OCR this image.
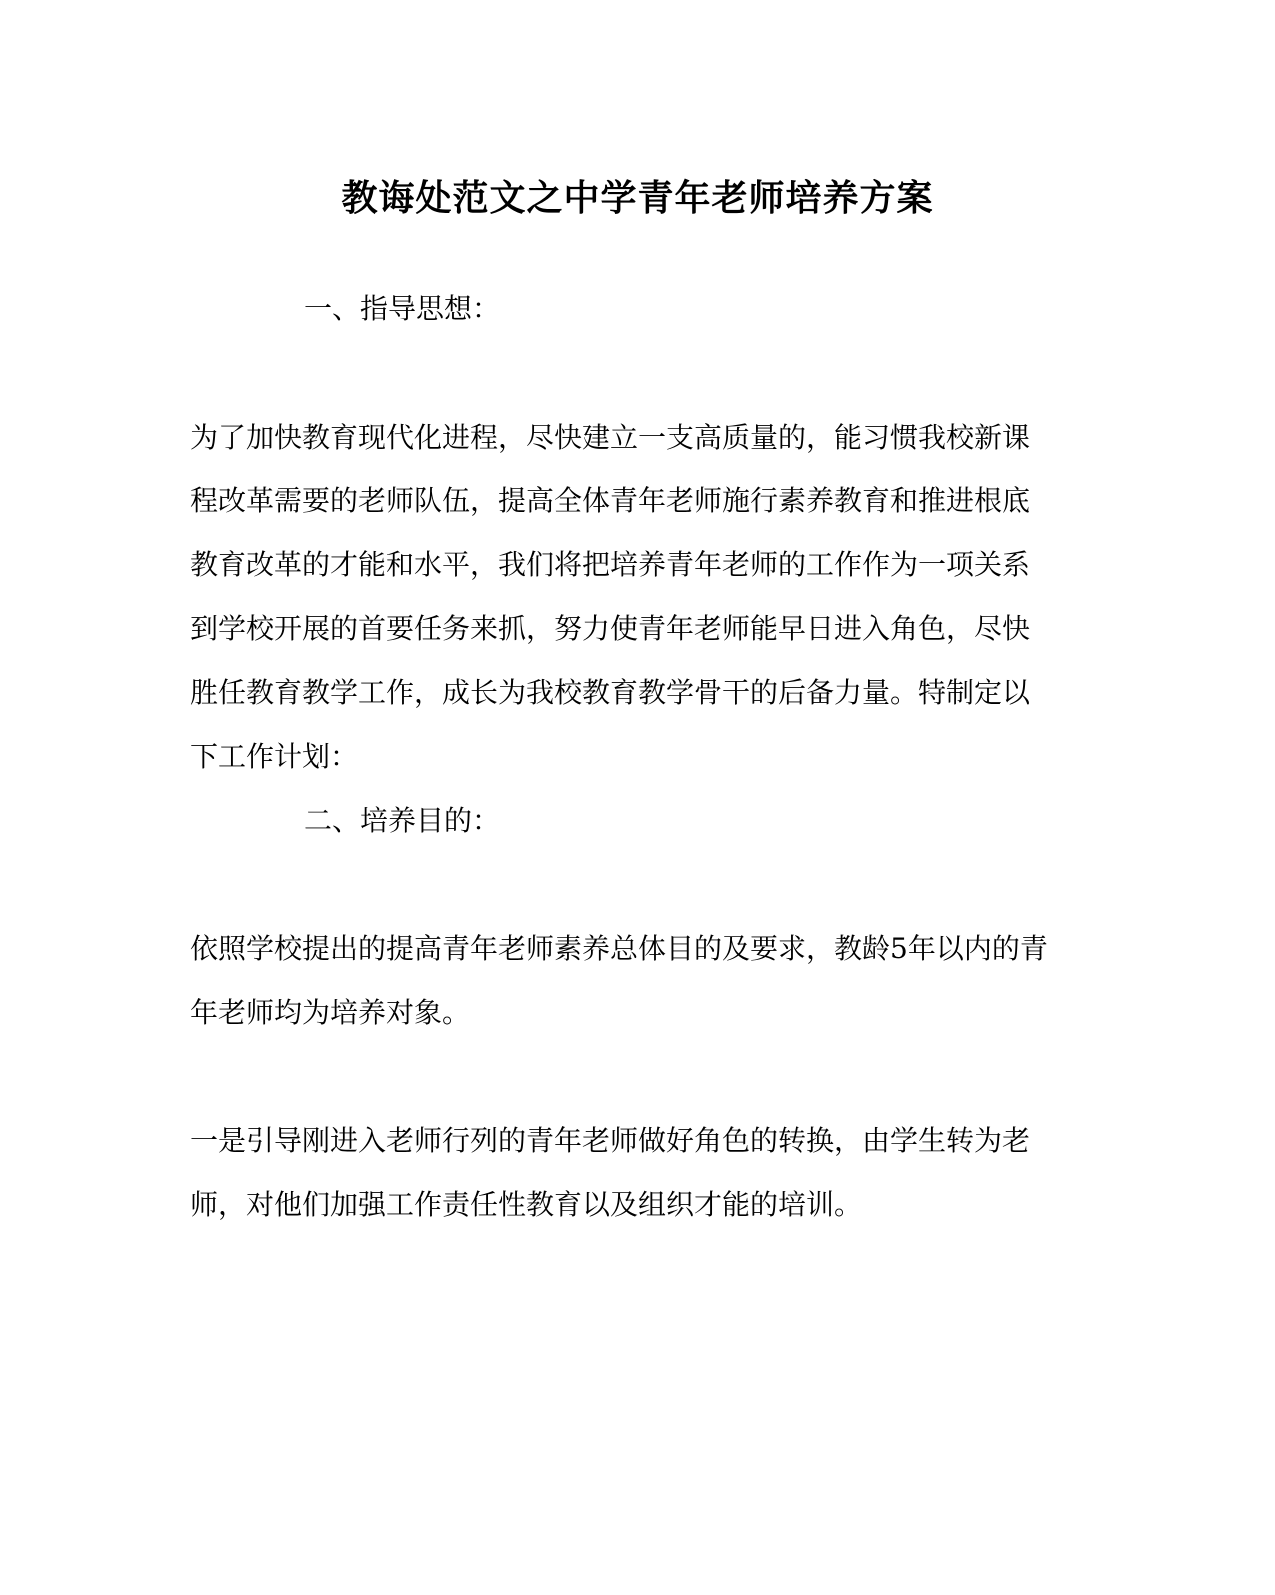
教诲处范文之中学青年老师培养方案
一、指导思想：
为了加快教育现代化进程，尽快建立一支高质量的，能习惯我校新课
程改革需要的老师队伍，提高全体青年老师施行素养教育和推进根底
教育改革的才能和水平，我们将把培养青年老师的工作作为一项关系
到学校开展的首要任务来抓，努力使青年老师能早日进入角色，尽快
胜任教育教学工作，成长为我校教育教学骨干的后备力量。特制定以
下工作计划：
二、培养目的：
依照学校提出的提高青年老师素养总体目的及要求，教龄5年以内的青
年老师均为培养对象。
一是引导刚进入老师行列的青年老师做好角色的转换，由学生转为老
师，对他们加强工作责任性教育以及组织才能的培训。
